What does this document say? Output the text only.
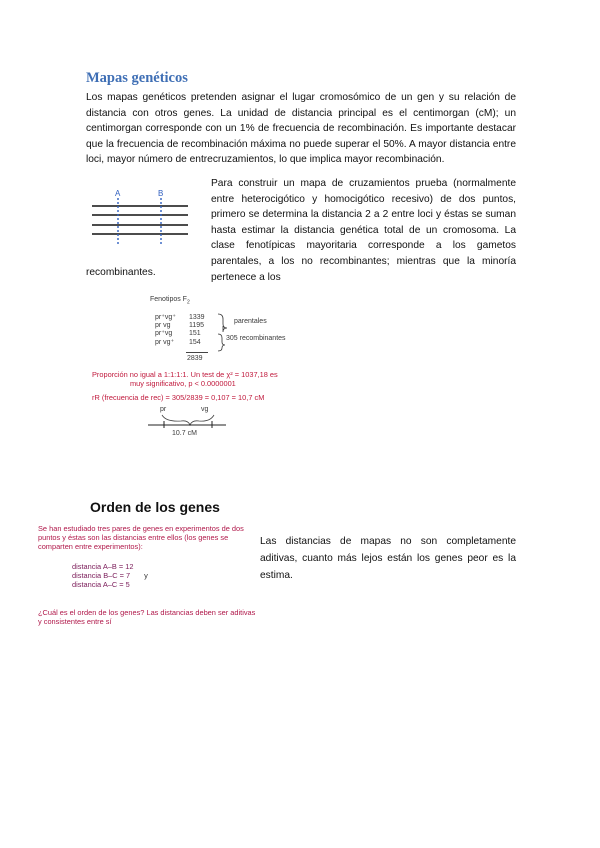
Mapas genéticos
Los mapas genéticos pretenden asignar el lugar cromosómico de un gen y su relación de distancia con otros genes. La unidad de distancia principal es el centimorgan (cM); un centimorgan corresponde con un 1% de frecuencia de recombinación. Es importante destacar que la frecuencia de recombinación máxima no puede superar el 50%. A mayor distancia entre loci, mayor número de entrecruzamientos, lo que implica mayor recombinación.
A	B
Para construir un mapa de cruzamientos prueba (normalmente entre heterocigótico y homocigótico recesivo) de dos puntos, primero se determina la distancia 2 a 2 entre loci y éstas se suman hasta estimar la distancia genética total de un cromosoma. La clase fenotípicas mayoritaria corresponde a los gametos parentales, a los no recombinantes; mientras que la minoría pertenece a los
recombinantes.
Fenotipos $F_2$
pr⁺vg⁺ 1339
pr vg	1195
pr⁺vg 151
pr vg⁺ 154
parentales
305 recombinantes
2839
Proporción no igual a 1:1:1:1. Un test de χ² = 1037,18 es
muy significativo, p < 0.0000001
rR (frecuencia de rec) = 305/2839 = 0,107 = 10,7 cM
pr	vg
10.7 cM
Orden de los genes
Se han estudiado tres pares de genes en experimentos de dos puntos y éstas son las distancias entre ellos (los genes se comparten entre experimentos):
distancia A–B = 12
distancia B–C = 7 y
distancia A–C = 5
¿Cuál es el orden de los genes? Las distancias deben ser aditivas y consistentes entre sí
Las distancias de mapas no son completamente aditivas, cuanto más lejos están los genes peor es la estima.
